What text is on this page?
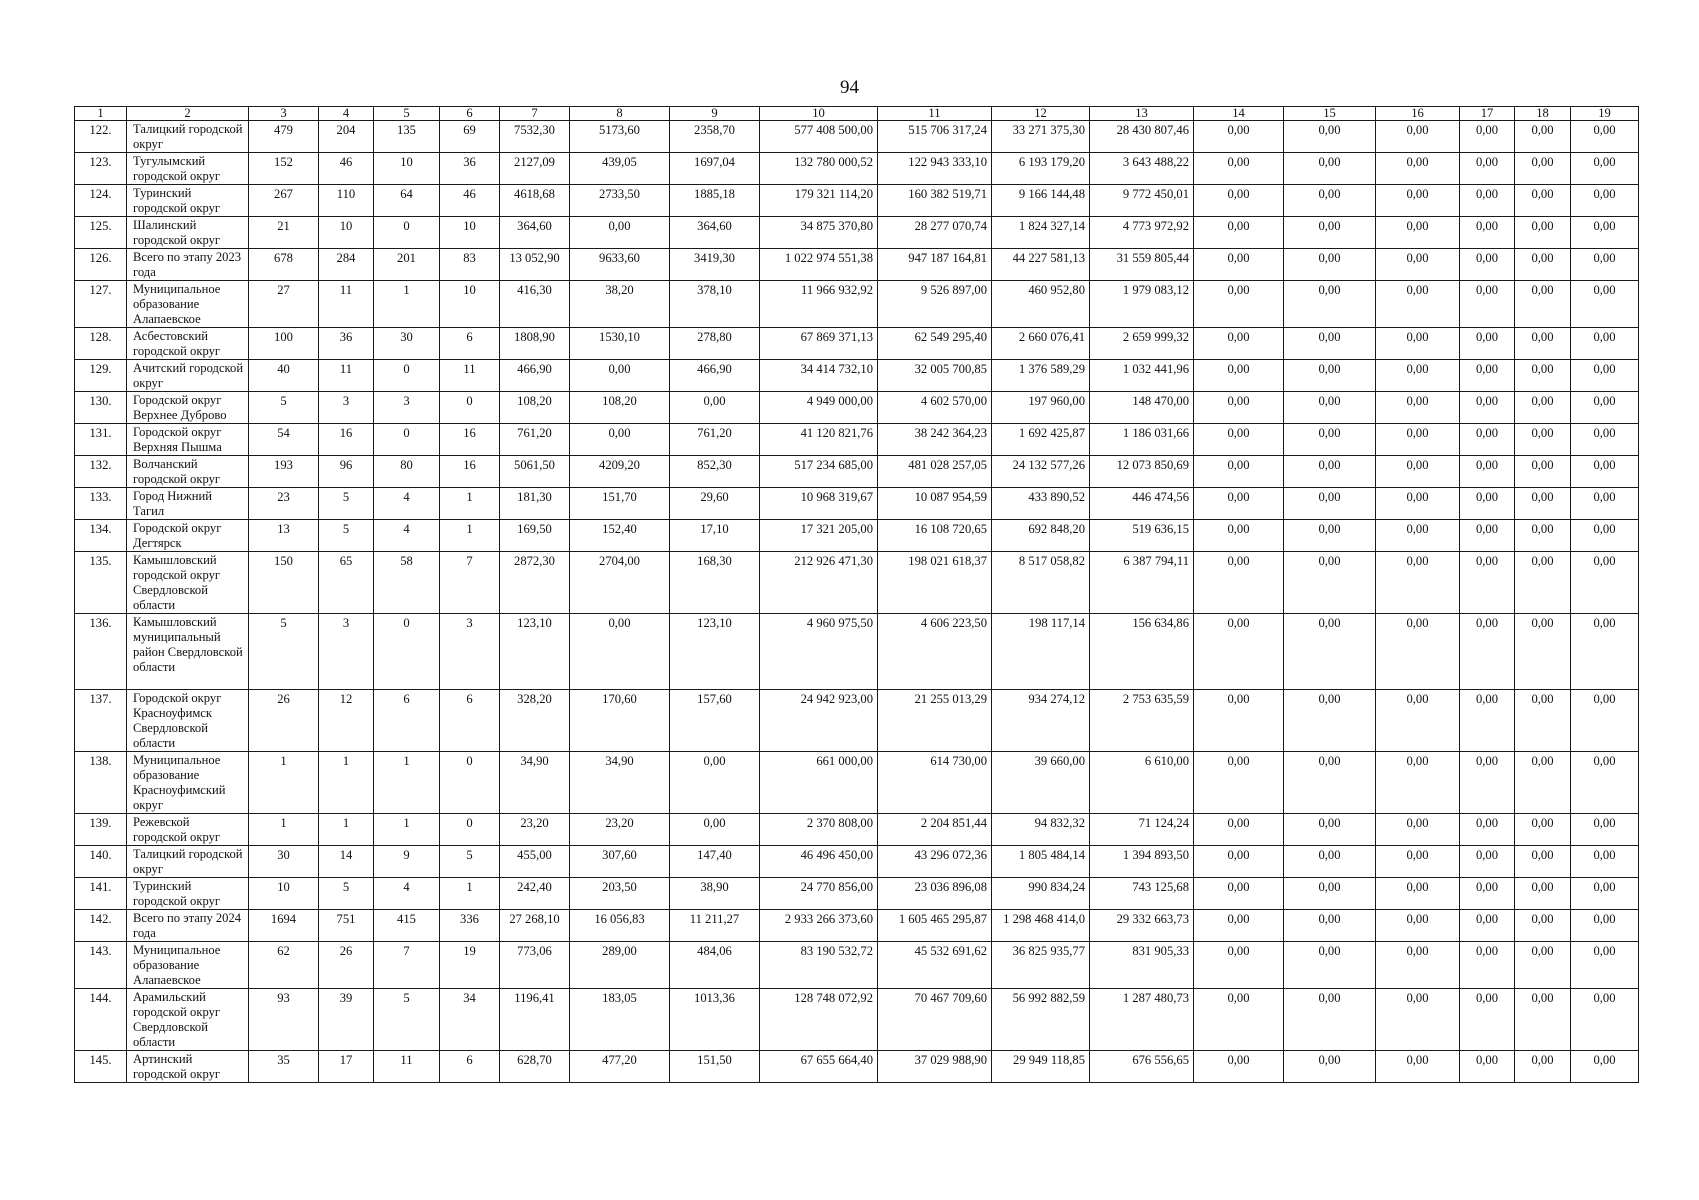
94
1	2	3	4	5	6	7	8	9	10	11	12	13	14	15	16	17	18	19
122.	Талицкий городской округ	479	204	135	69	7532,30	5173,60	2358,70	577 408 500,00	515 706 317,24	33 271 375,30	28 430 807,46	0,00	0,00	0,00	0,00	0,00	0,00
123.	Тугулымский городской округ	152	46	10	36	2127,09	439,05	1697,04	132 780 000,52	122 943 333,10	6 193 179,20	3 643 488,22	0,00	0,00	0,00	0,00	0,00	0,00
124.	Туринский городской округ	267	110	64	46	4618,68	2733,50	1885,18	179 321 114,20	160 382 519,71	9 166 144,48	9 772 450,01	0,00	0,00	0,00	0,00	0,00	0,00
125.	Шалинский городской округ	21	10	0	10	364,60	0,00	364,60	34 875 370,80	28 277 070,74	1 824 327,14	4 773 972,92	0,00	0,00	0,00	0,00	0,00	0,00
126.	Всего по этапу 2023 года	678	284	201	83	13 052,90	9633,60	3419,30	1 022 974 551,38	947 187 164,81	44 227 581,13	31 559 805,44	0,00	0,00	0,00	0,00	0,00	0,00
127.	Муниципальное образование Алапаевское	27	11	1	10	416,30	38,20	378,10	11 966 932,92	9 526 897,00	460 952,80	1 979 083,12	0,00	0,00	0,00	0,00	0,00	0,00
128.	Асбестовский городской округ	100	36	30	6	1808,90	1530,10	278,80	67 869 371,13	62 549 295,40	2 660 076,41	2 659 999,32	0,00	0,00	0,00	0,00	0,00	0,00
129.	Ачитский городской округ	40	11	0	11	466,90	0,00	466,90	34 414 732,10	32 005 700,85	1 376 589,29	1 032 441,96	0,00	0,00	0,00	0,00	0,00	0,00
130.	Городской округ Верхнее Дуброво	5	3	3	0	108,20	108,20	0,00	4 949 000,00	4 602 570,00	197 960,00	148 470,00	0,00	0,00	0,00	0,00	0,00	0,00
131.	Городской округ Верхняя Пышма	54	16	0	16	761,20	0,00	761,20	41 120 821,76	38 242 364,23	1 692 425,87	1 186 031,66	0,00	0,00	0,00	0,00	0,00	0,00
132.	Волчанский городской округ	193	96	80	16	5061,50	4209,20	852,30	517 234 685,00	481 028 257,05	24 132 577,26	12 073 850,69	0,00	0,00	0,00	0,00	0,00	0,00
133.	Город Нижний Тагил	23	5	4	1	181,30	151,70	29,60	10 968 319,67	10 087 954,59	433 890,52	446 474,56	0,00	0,00	0,00	0,00	0,00	0,00
134.	Городской округ Дегтярск	13	5	4	1	169,50	152,40	17,10	17 321 205,00	16 108 720,65	692 848,20	519 636,15	0,00	0,00	0,00	0,00	0,00	0,00
135.	Камышловский городской округ Свердловской области	150	65	58	7	2872,30	2704,00	168,30	212 926 471,30	198 021 618,37	8 517 058,82	6 387 794,11	0,00	0,00	0,00	0,00	0,00	0,00
136.	Камышловский муниципальный район Свердловской области	5	3	0	3	123,10	0,00	123,10	4 960 975,50	4 606 223,50	198 117,14	156 634,86	0,00	0,00	0,00	0,00	0,00	0,00
137.	Городской округ Красноуфимск Свердловской области	26	12	6	6	328,20	170,60	157,60	24 942 923,00	21 255 013,29	934 274,12	2 753 635,59	0,00	0,00	0,00	0,00	0,00	0,00
138.	Муниципальное образование Красноуфимский округ	1	1	1	0	34,90	34,90	0,00	661 000,00	614 730,00	39 660,00	6 610,00	0,00	0,00	0,00	0,00	0,00	0,00
139.	Режевской городской округ	1	1	1	0	23,20	23,20	0,00	2 370 808,00	2 204 851,44	94 832,32	71 124,24	0,00	0,00	0,00	0,00	0,00	0,00
140.	Талицкий городской округ	30	14	9	5	455,00	307,60	147,40	46 496 450,00	43 296 072,36	1 805 484,14	1 394 893,50	0,00	0,00	0,00	0,00	0,00	0,00
141.	Туринский городской округ	10	5	4	1	242,40	203,50	38,90	24 770 856,00	23 036 896,08	990 834,24	743 125,68	0,00	0,00	0,00	0,00	0,00	0,00
142.	Всего по этапу 2024 года	1694	751	415	336	27 268,10	16 056,83	11 211,27	2 933 266 373,60	1 605 465 295,87	1 298 468 414,0	29 332 663,73	0,00	0,00	0,00	0,00	0,00	0,00
143.	Муниципальное образование Алапаевское	62	26	7	19	773,06	289,00	484,06	83 190 532,72	45 532 691,62	36 825 935,77	831 905,33	0,00	0,00	0,00	0,00	0,00	0,00
144.	Арамильский городской округ Свердловской области	93	39	5	34	1196,41	183,05	1013,36	128 748 072,92	70 467 709,60	56 992 882,59	1 287 480,73	0,00	0,00	0,00	0,00	0,00	0,00
145.	Артинский городской округ	35	17	11	6	628,70	477,20	151,50	67 655 664,40	37 029 988,90	29 949 118,85	676 556,65	0,00	0,00	0,00	0,00	0,00	0,00
